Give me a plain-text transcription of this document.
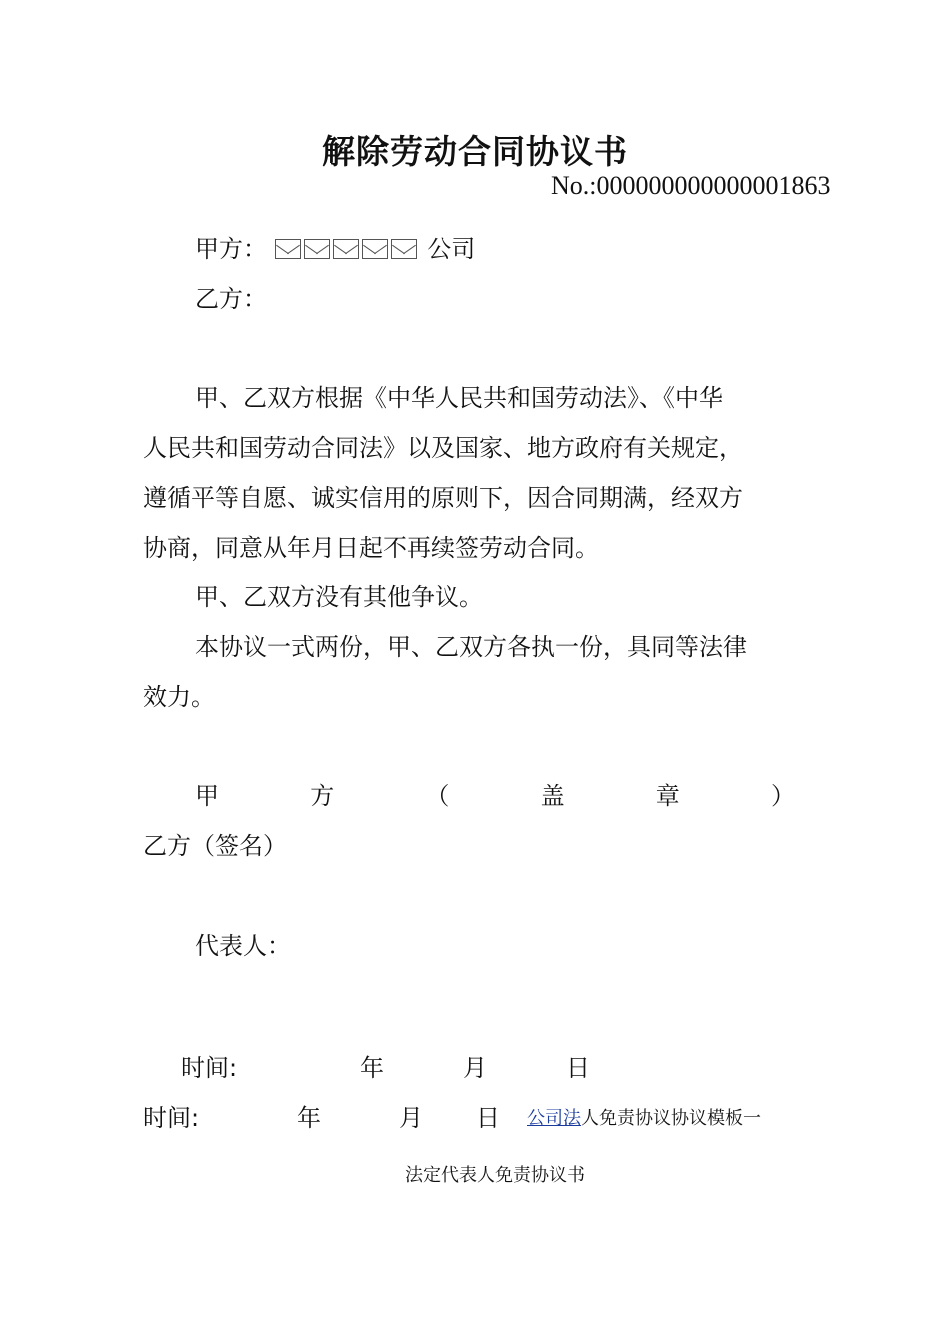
解除劳动合同协议书
No.:000000000000001863
甲方：	公司
乙方：
甲、乙双方根据《中华人民共和国劳动法》、《中华
人民共和国劳动合同法》以及国家、地方政府有关规定，
遵循平等自愿、诚实信用的原则下，因合同期满，经双方
协商，同意从年月日起不再续签劳动合同。
甲、乙双方没有其他争议。
本协议一式两份，甲、乙双方各执一份，具同等法律
效力。
甲	方	（	盖	章	）
乙方（签名）
代表人：
时间:	年	月	日
时间:	年	月 日 公司法人免责协议协议模板一
法定代表人免责协议书
